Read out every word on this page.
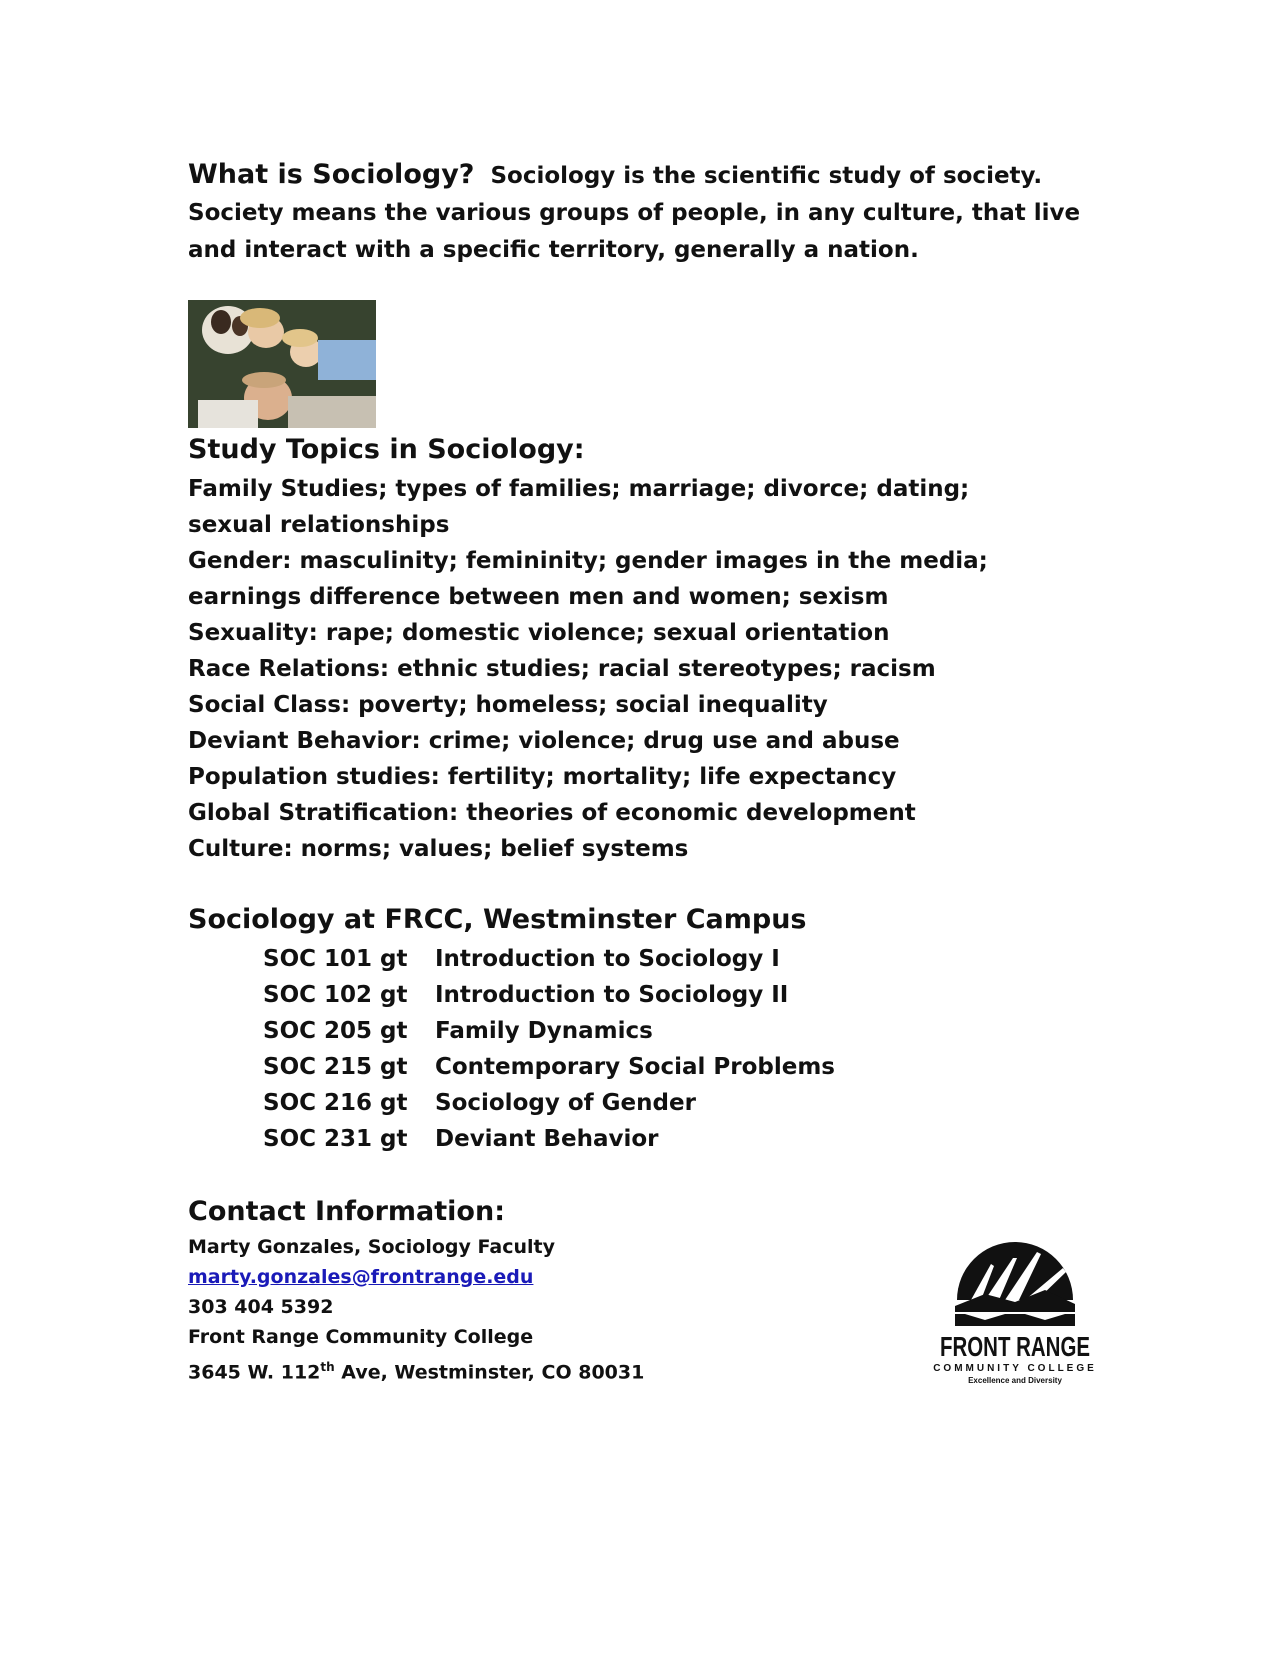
What is Sociology? Sociology is the scientific study of society. Society means the various groups of people, in any culture, that live and interact with a specific territory, generally a nation.
Study Topics in Sociology:
Family Studies; types of families; marriage; divorce; dating;
sexual relationships
Gender: masculinity; femininity; gender images in the media;
earnings difference between men and women; sexism
Sexuality: rape; domestic violence; sexual orientation
Race Relations: ethnic studies; racial stereotypes; racism
Social Class: poverty; homeless; social inequality
Deviant Behavior: crime; violence; drug use and abuse
Population studies: fertility; mortality; life expectancy
Global Stratification: theories of economic development
Culture: norms; values; belief systems
Sociology at FRCC, Westminster Campus
SOC 101 gt	Introduction to Sociology I
SOC 102 gt	Introduction to Sociology II
SOC 205 gt	Family Dynamics
SOC 215 gt	Contemporary Social Problems
SOC 216 gt	Sociology of Gender
SOC 231 gt	Deviant Behavior
Contact Information:
Marty Gonzales, Sociology Faculty
marty.gonzales@frontrange.edu
303 404 5392
Front Range Community College
3645 W. 112th Ave, Westminster, CO 80031
FRONT RANGE
COMMUNITY COLLEGE
Excellence and Diversity
